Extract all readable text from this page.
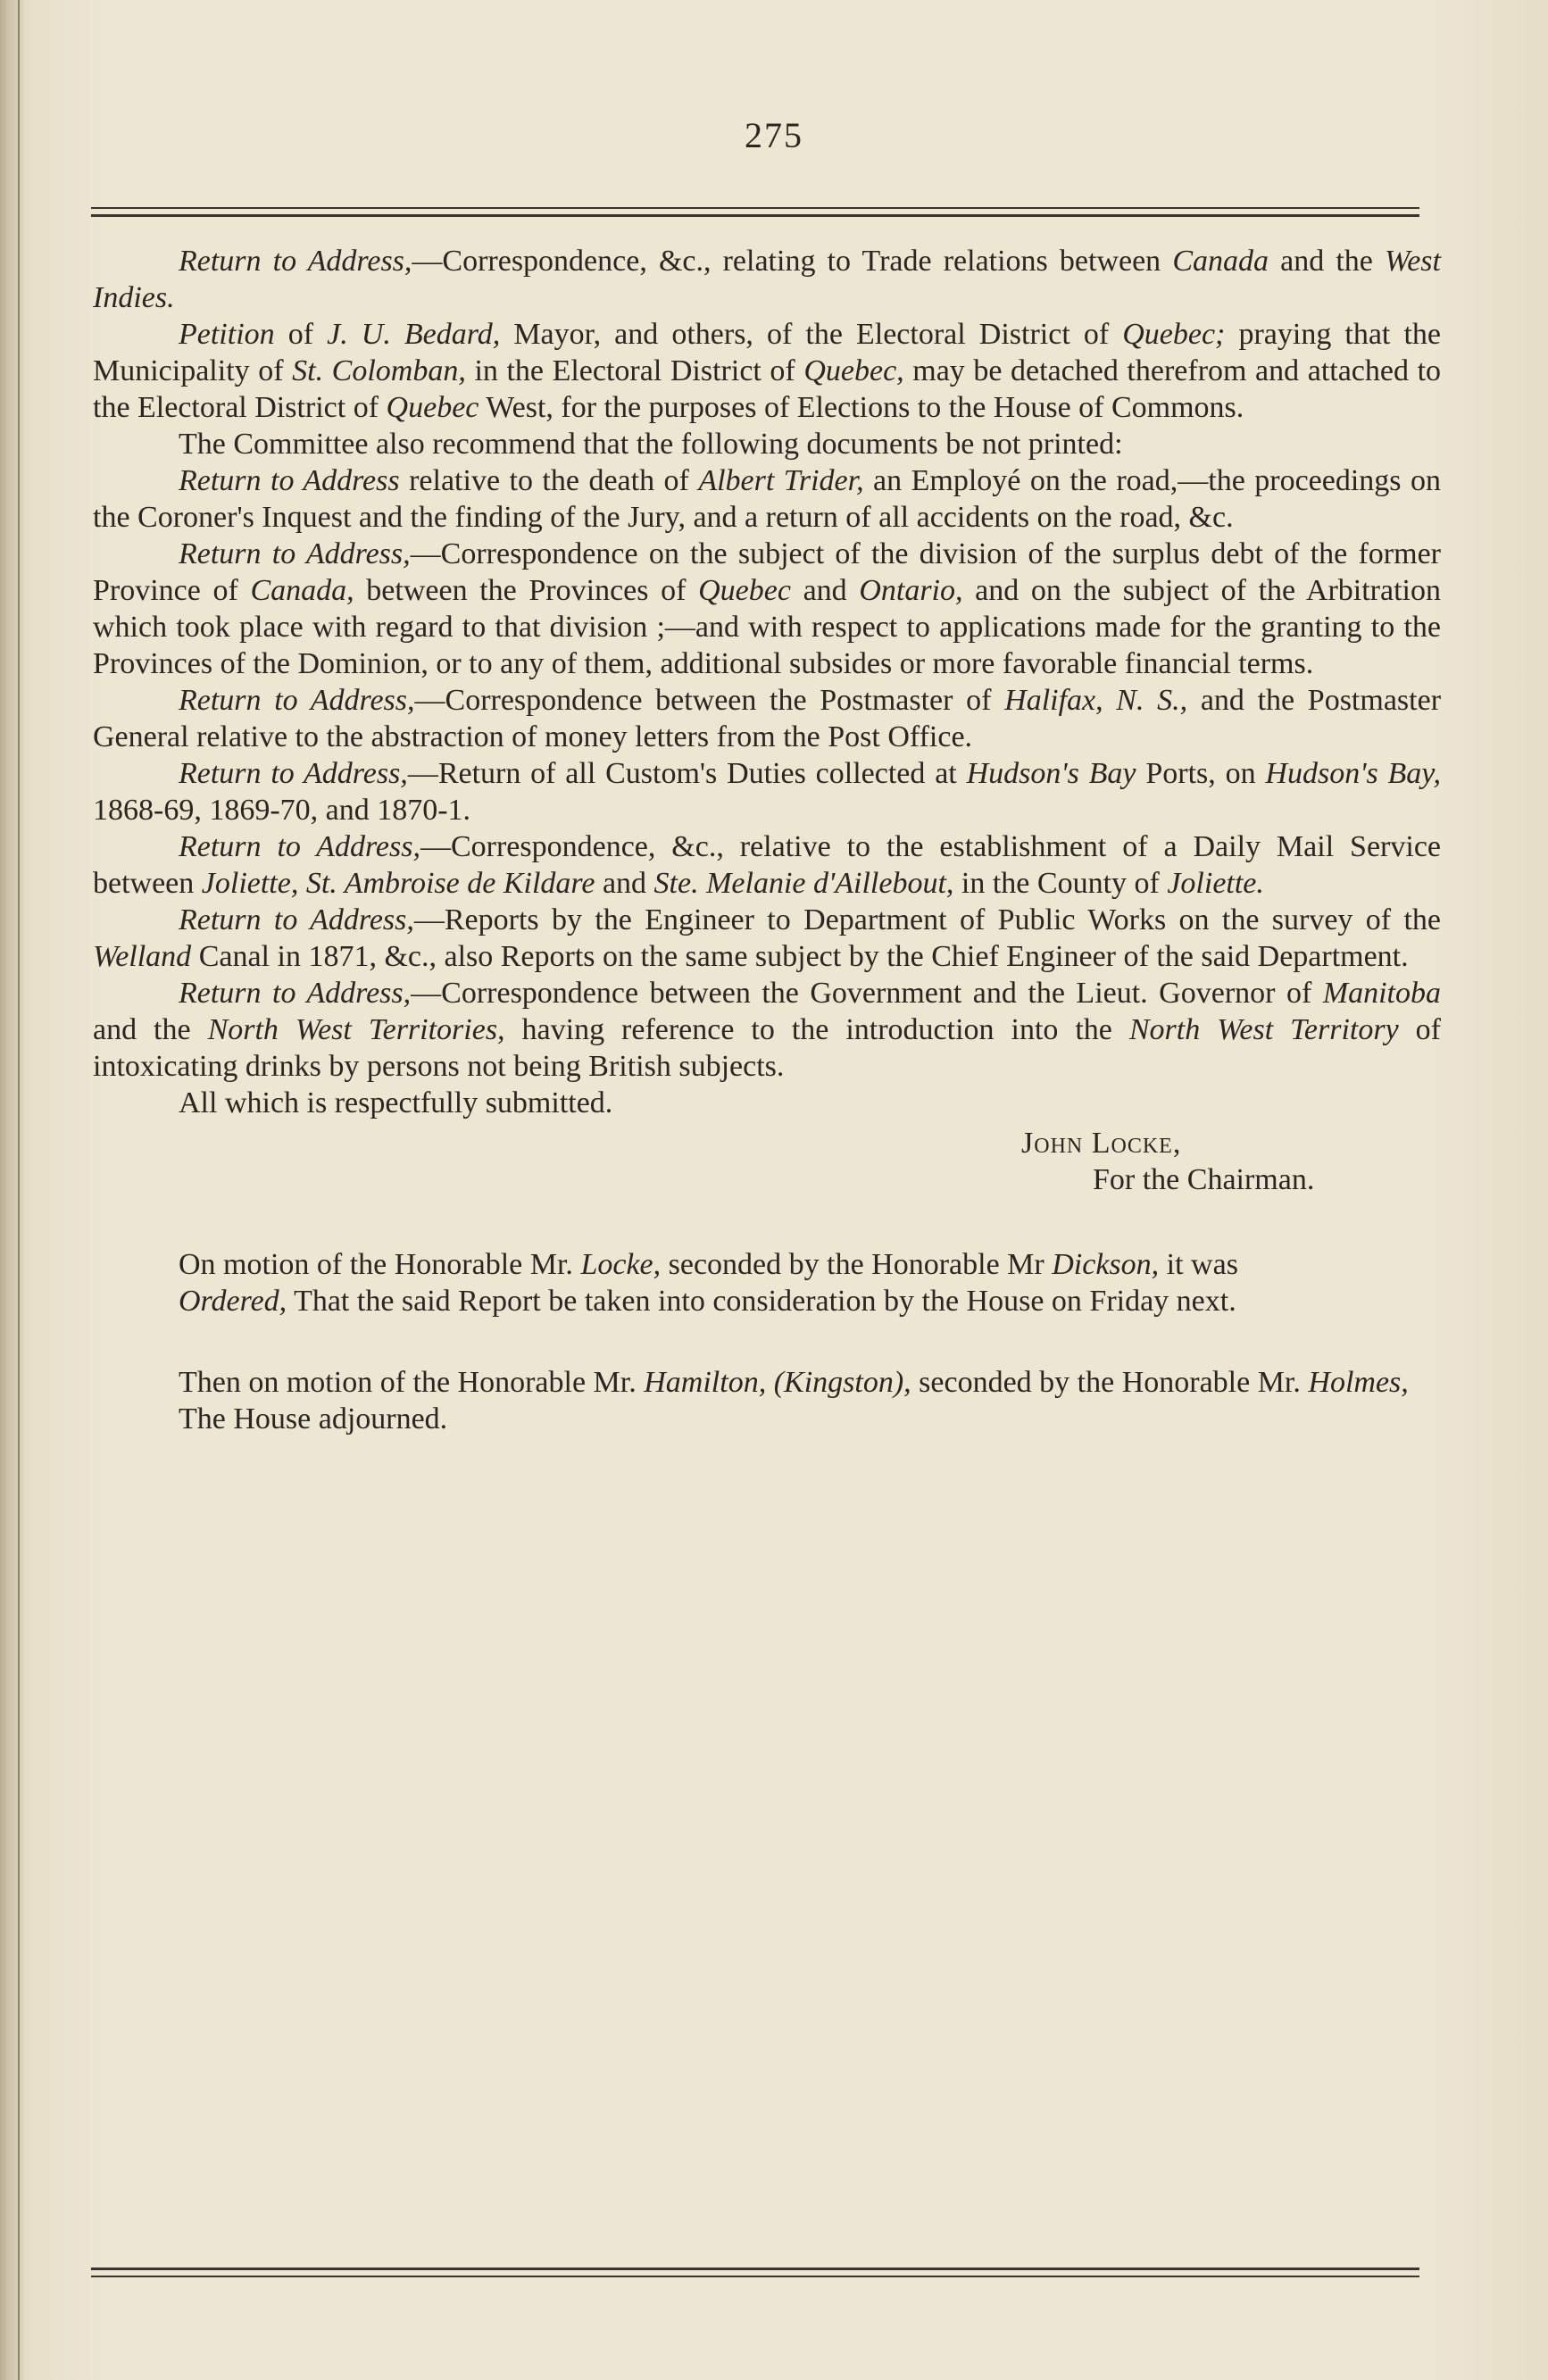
275

Return to Address,—Correspondence, &c., relating to Trade relations between Canada and the West Indies.

Petition of J. U. Bedard, Mayor, and others, of the Electoral District of Quebec; praying that the Municipality of St. Colomban, in the Electoral District of Quebec, may be detached therefrom and attached to the Electoral District of Quebec West, for the purposes of Elections to the House of Commons.

The Committee also recommend that the following documents be not printed:

Return to Address relative to the death of Albert Trider, an Employé on the road,—the proceedings on the Coroner's Inquest and the finding of the Jury, and a return of all accidents on the road, &c.

Return to Address,—Correspondence on the subject of the division of the surplus debt of the former Province of Canada, between the Provinces of Quebec and Ontario, and on the subject of the Arbitration which took place with regard to that division ;—and with respect to applications made for the granting to the Provinces of the Dominion, or to any of them, additional subsides or more favorable financial terms.

Return to Address,—Correspondence between the Postmaster of Halifax, N. S., and the Postmaster General relative to the abstraction of money letters from the Post Office.

Return to Address,—Return of all Custom's Duties collected at Hudson's Bay Ports, on Hudson's Bay, 1868-69, 1869-70, and 1870-1.

Return to Address,—Correspondence, &c., relative to the establishment of a Daily Mail Service between Joliette, St. Ambroise de Kildare and Ste. Melanie d'Aillebout, in the County of Joliette.

Return to Address,—Reports by the Engineer to Department of Public Works on the survey of the Welland Canal in 1871, &c., also Reports on the same subject by the Chief Engineer of the said Department.

Return to Address,—Correspondence between the Government and the Lieut. Governor of Manitoba and the North West Territories, having reference to the introduction into the North West Territory of intoxicating drinks by persons not being British subjects.

All which is respectfully submitted.

John Locke,
For the Chairman.

On motion of the Honorable Mr. Locke, seconded by the Honorable Mr Dickson, it was

Ordered, That the said Report be taken into consideration by the House on Friday next.

Then on motion of the Honorable Mr. Hamilton, (Kingston), seconded by the Honorable Mr. Holmes,

The House adjourned.
